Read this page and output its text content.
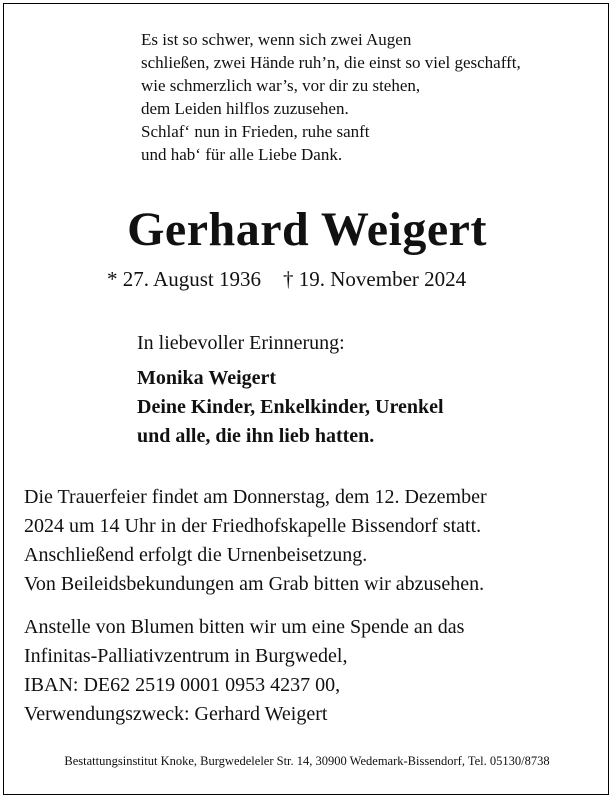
Es ist so schwer, wenn sich zwei Augen
schließen, zwei Hände ruh’n, die einst so viel geschafft,
wie schmerzlich war’s, vor dir zu stehen,
dem Leiden hilflos zuzusehen.
Schlaf‘ nun in Frieden, ruhe sanft
und hab‘ für alle Liebe Dank.
Gerhard Weigert
* 27. August 1936 † 19. November 2024
In liebevoller Erinnerung:
Monika Weigert
Deine Kinder, Enkelkinder, Urenkel
und alle, die ihn lieb hatten.
Die Trauerfeier findet am Donnerstag, dem 12. Dezember
2024 um 14 Uhr in der Friedhofskapelle Bissendorf statt.
Anschließend erfolgt die Urnenbeisetzung.
Von Beileidsbekundungen am Grab bitten wir abzusehen.
Anstelle von Blumen bitten wir um eine Spende an das
Infinitas-Palliativzentrum in Burgwedel,
IBAN: DE62 2519 0001 0953 4237 00,
Verwendungszweck: Gerhard Weigert
Bestattungsinstitut Knoke, Burgwedeleler Str. 14, 30900 Wedemark-Bissendorf, Tel. 05130/8738
